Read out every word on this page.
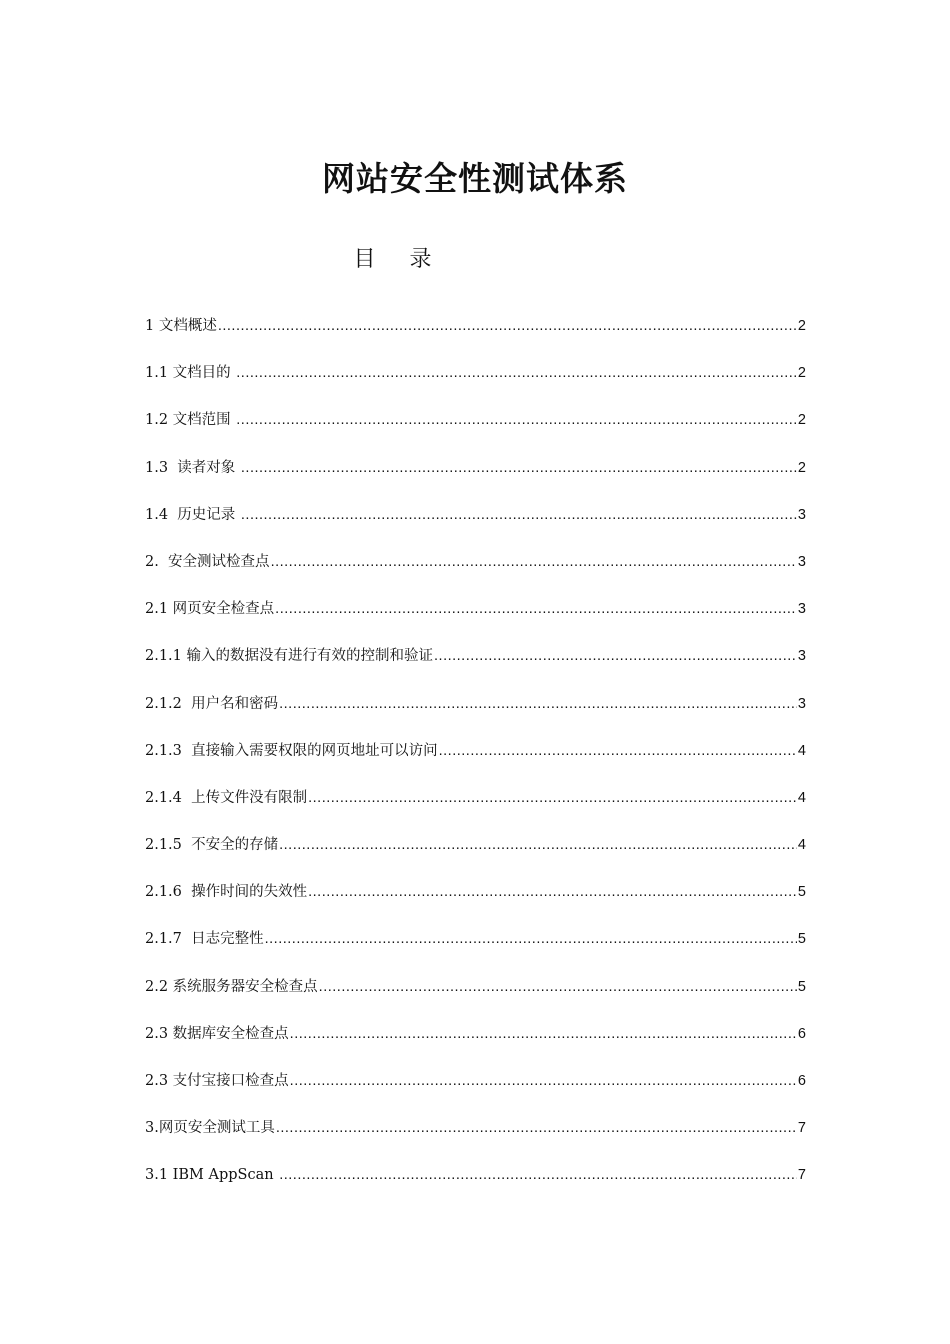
网站安全性测试体系
目 录
1 文档概述 .....	2
1.1 文档目的 .....	2
1.2 文档范围 .....	2
1.3  读者对象 .....	2
1.4  历史记录 .....	3
2.  安全测试检查点 .....	3
2.1 网页安全检查点 .....	3
2.1.1 输入的数据没有进行有效的控制和验证 .....	3
2.1.2  用户名和密码 .....	3
2.1.3  直接输入需要权限的网页地址可以访问 .....	4
2.1.4  上传文件没有限制 .....	4
2.1.5  不安全的存储 .....	4
2.1.6  操作时间的失效性 .....	5
2.1.7  日志完整性 .....	5
2.2 系统服务器安全检查点 .....	5
2.3 数据库安全检查点 .....	6
2.3 支付宝接口检查点 .....	6
3.网页安全测试工具 .....	7
3.1 IBM AppScan .....	7
